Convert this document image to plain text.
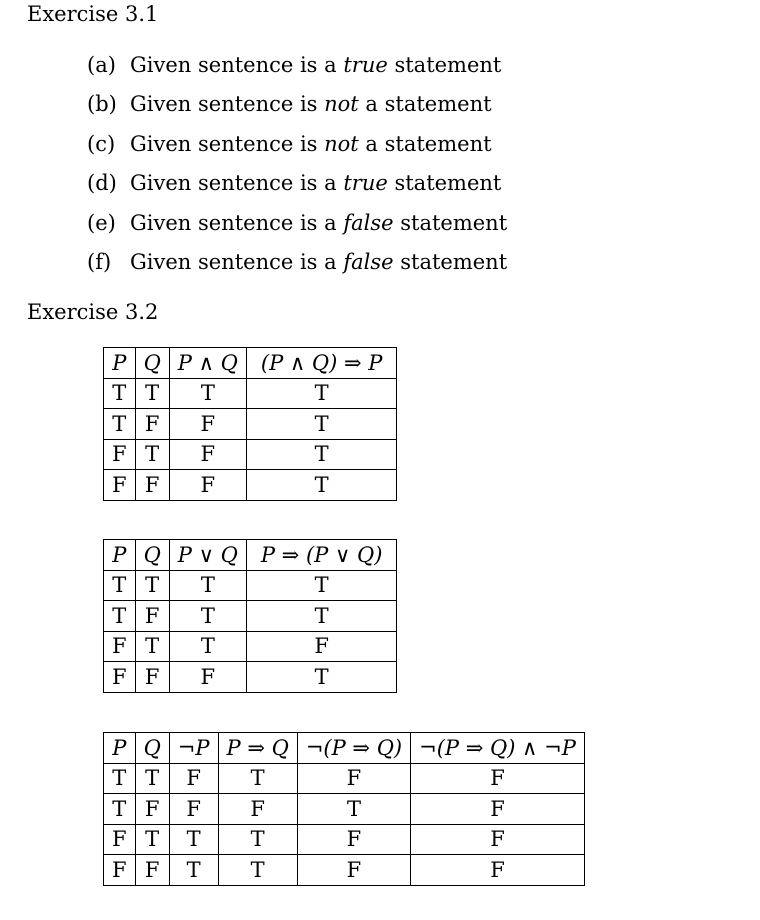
Exercise 3.1
(a) Given sentence is a true statement
(b) Given sentence is not a statement
(c) Given sentence is not a statement
(d) Given sentence is a true statement
(e) Given sentence is a false statement
(f) Given sentence is a false statement
Exercise 3.2
P	Q	P ∧ Q	(P ∧ Q) ⇒ P
T	T	T	T
T	F	F	T
F	T	F	T
F	F	F	T
P	Q	P ∨ Q	P ⇒ (P ∨ Q)
T	T	T	T
T	F	T	T
F	T	T	F
F	F	F	T
P	Q	¬P	P ⇒ Q	¬(P ⇒ Q)	¬(P ⇒ Q) ∧ ¬P
T	T	F	T	F	F
T	F	F	F	T	F
F	T	T	T	F	F
F	F	T	T	F	F
